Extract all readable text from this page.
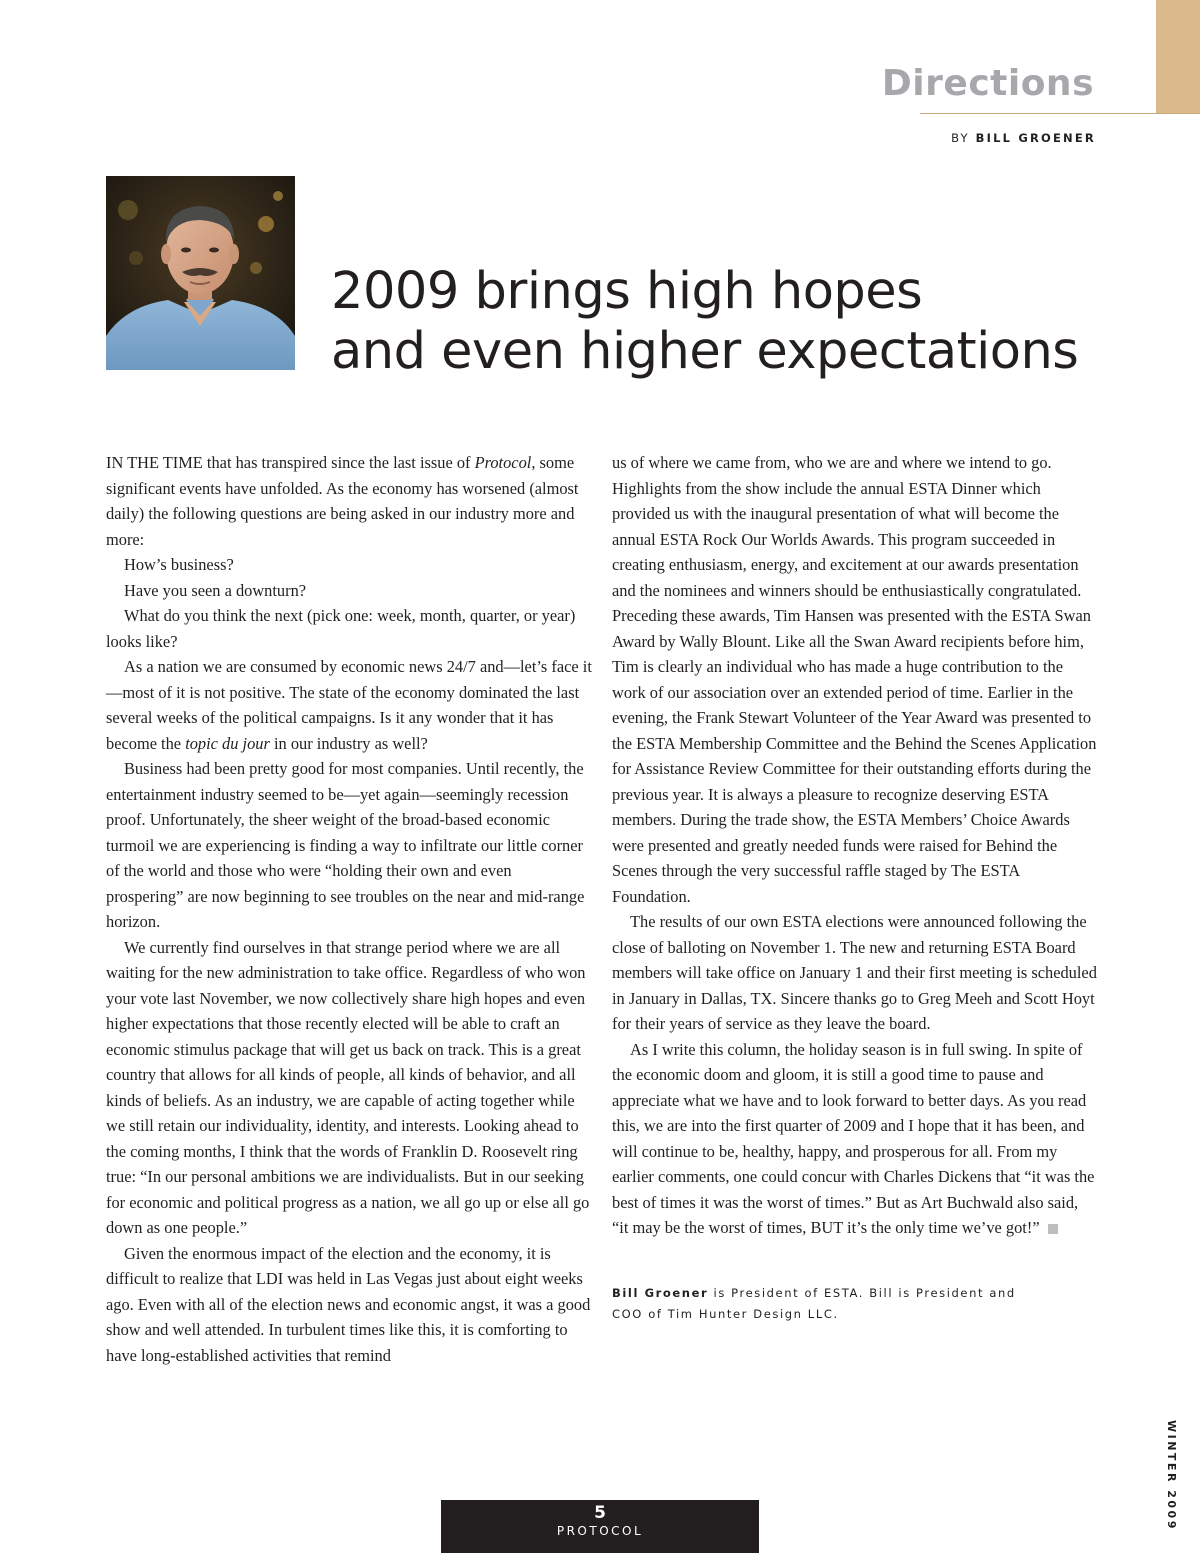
Directions
BY BILL GROENER
2009 brings high hopes
and even higher expectations

IN THE TIME that has transpired since the last issue of Protocol, some significant events have unfolded. As the economy has worsened (almost daily) the following questions are being asked in our industry more and more:

How’s business?

Have you seen a downturn?

What do you think the next (pick one: week, month, quarter, or year) looks like?

As a nation we are consumed by economic news 24/7 and—let’s face it—most of it is not positive. The state of the economy dominated the last several weeks of the political campaigns. Is it any wonder that it has become the topic du jour in our industry as well?

Business had been pretty good for most companies. Until recently, the entertainment industry seemed to be—yet again—seemingly recession proof. Unfortunately, the sheer weight of the broad-based economic turmoil we are experiencing is finding a way to infiltrate our little corner of the world and those who were “holding their own and even prospering” are now beginning to see troubles on the near and mid-range horizon.

We currently find ourselves in that strange period where we are all waiting for the new administration to take office. Regardless of who won your vote last November, we now collectively share high hopes and even higher expectations that those recently elected will be able to craft an economic stimulus package that will get us back on track. This is a great country that allows for all kinds of people, all kinds of behavior, and all kinds of beliefs. As an industry, we are capable of acting together while we still retain our individuality, identity, and interests. Looking ahead to the coming months, I think that the words of Franklin D. Roosevelt ring true: “In our personal ambitions we are individualists. But in our seeking for economic and political progress as a nation, we all go up or else all go down as one people.”

Given the enormous impact of the election and the economy, it is difficult to realize that LDI was held in Las Vegas just about eight weeks ago. Even with all of the election news and economic angst, it was a good show and well attended. In turbulent times like this, it is comforting to have long-established activities that remind

us of where we came from, who we are and where we intend to go. Highlights from the show include the annual ESTA Dinner which provided us with the inaugural presentation of what will become the annual ESTA Rock Our Worlds Awards. This program succeeded in creating enthusiasm, energy, and excitement at our awards presentation and the nominees and winners should be enthusiastically congratulated. Preceding these awards, Tim Hansen was presented with the ESTA Swan Award by Wally Blount. Like all the Swan Award recipients before him, Tim is clearly an individual who has made a huge contribution to the work of our association over an extended period of time. Earlier in the evening, the Frank Stewart Volunteer of the Year Award was presented to the ESTA Membership Committee and the Behind the Scenes Application for Assistance Review Committee for their outstanding efforts during the previous year. It is always a pleasure to recognize deserving ESTA members. During the trade show, the ESTA Members’ Choice Awards were presented and greatly needed funds were raised for Behind the Scenes through the very successful raffle staged by The ESTA Foundation.

The results of our own ESTA elections were announced following the close of balloting on November 1. The new and returning ESTA Board members will take office on January 1 and their first meeting is scheduled in January in Dallas, TX. Sincere thanks go to Greg Meeh and Scott Hoyt for their years of service as they leave the board.

As I write this column, the holiday season is in full swing. In spite of the economic doom and gloom, it is still a good time to pause and appreciate what we have and to look forward to better days. As you read this, we are into the first quarter of 2009 and I hope that it has been, and will continue to be, healthy, happy, and prosperous for all. From my earlier comments, one could concur with Charles Dickens that “it was the best of times it was the worst of times.” But as Art Buchwald also said, “it may be the worst of times, BUT it’s the only time we’ve got!”

Bill Groener is President of ESTA. Bill is President and COO of Tim Hunter Design LLC.
WINTER 2009
5
PROTOCOL
